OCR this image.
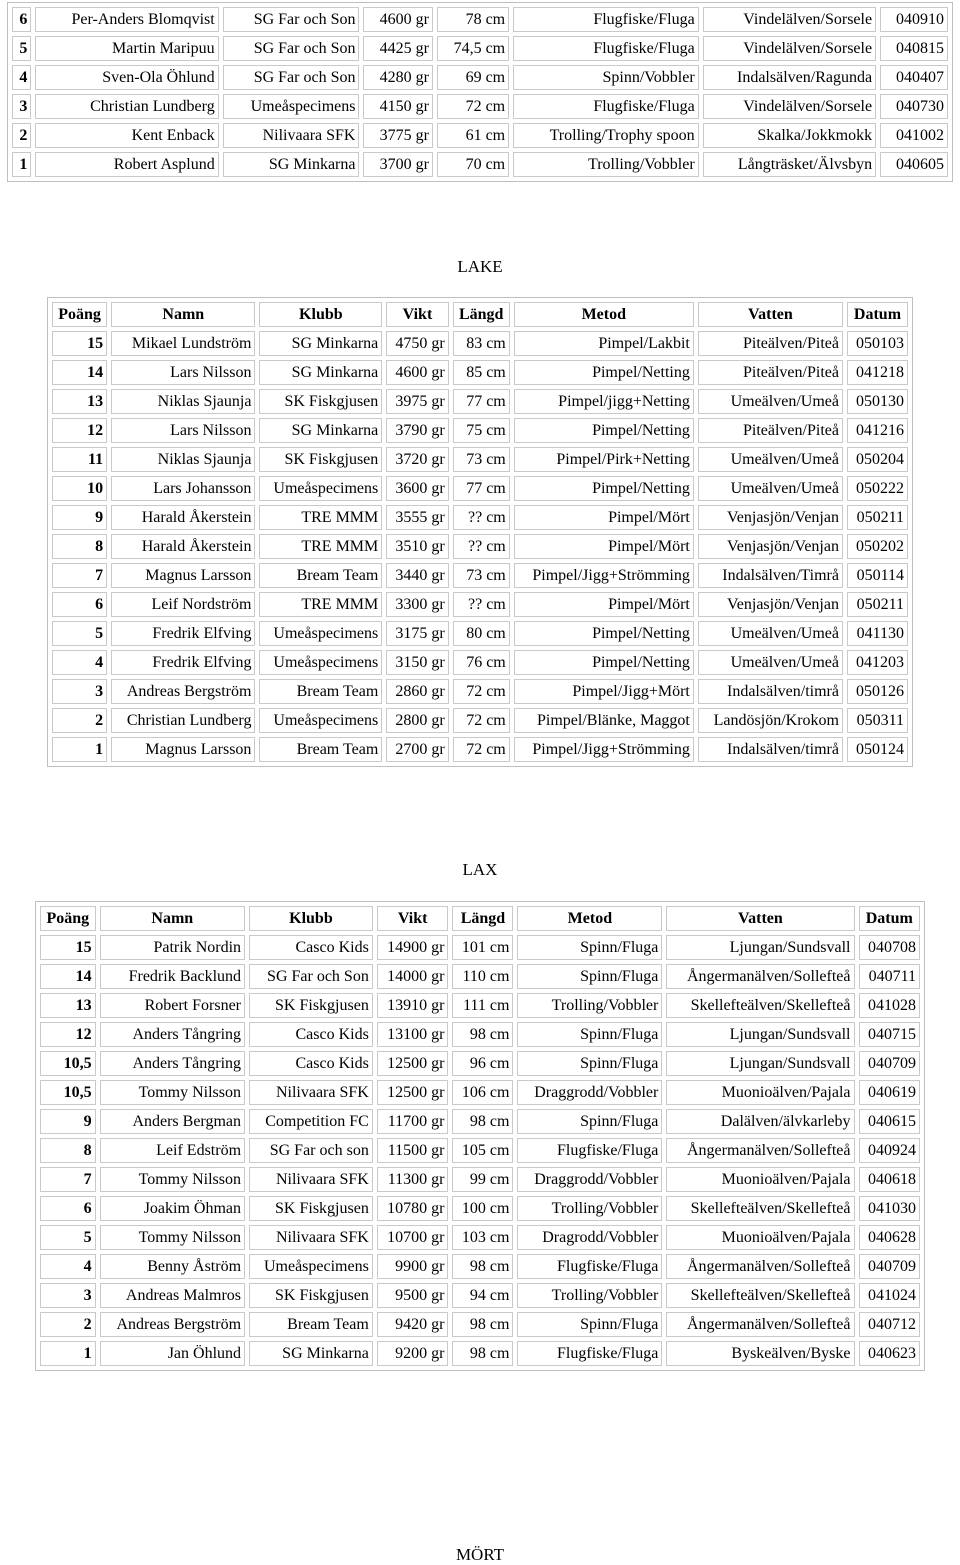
6	Per-Anders Blomqvist	SG Far och Son	4600 gr	78 cm	Flugfiske/Fluga	Vindelälven/Sorsele	040910
5	Martin Maripuu	SG Far och Son	4425 gr	74,5 cm	Flugfiske/Fluga	Vindelälven/Sorsele	040815
4	Sven-Ola Öhlund	SG Far och Son	4280 gr	69 cm	Spinn/Vobbler	Indalsälven/Ragunda	040407
3	Christian Lundberg	Umeåspecimens	4150 gr	72 cm	Flugfiske/Fluga	Vindelälven/Sorsele	040730
2	Kent Enback	Nilivaara SFK	3775 gr	61 cm	Trolling/Trophy spoon	Skalka/Jokkmokk	041002
1	Robert Asplund	SG Minkarna	3700 gr	70 cm	Trolling/Vobbler	Långträsket/Älvsbyn	040605
LAKE
Poäng	Namn	Klubb	Vikt	Längd	Metod	Vatten	Datum
15	Mikael Lundström	SG Minkarna	4750 gr	83 cm	Pimpel/Lakbit	Piteälven/Piteå	050103
14	Lars Nilsson	SG Minkarna	4600 gr	85 cm	Pimpel/Netting	Piteälven/Piteå	041218
13	Niklas Sjaunja	SK Fiskgjusen	3975 gr	77 cm	Pimpel/jigg+Netting	Umeälven/Umeå	050130
12	Lars Nilsson	SG Minkarna	3790 gr	75 cm	Pimpel/Netting	Piteälven/Piteå	041216
11	Niklas Sjaunja	SK Fiskgjusen	3720 gr	73 cm	Pimpel/Pirk+Netting	Umeälven/Umeå	050204
10	Lars Johansson	Umeåspecimens	3600 gr	77 cm	Pimpel/Netting	Umeälven/Umeå	050222
9	Harald Åkerstein	TRE MMM	3555 gr	?? cm	Pimpel/Mört	Venjasjön/Venjan	050211
8	Harald Åkerstein	TRE MMM	3510 gr	?? cm	Pimpel/Mört	Venjasjön/Venjan	050202
7	Magnus Larsson	Bream Team	3440 gr	73 cm	Pimpel/Jigg+Strömming	Indalsälven/Timrå	050114
6	Leif Nordström	TRE MMM	3300 gr	?? cm	Pimpel/Mört	Venjasjön/Venjan	050211
5	Fredrik Elfving	Umeåspecimens	3175 gr	80 cm	Pimpel/Netting	Umeälven/Umeå	041130
4	Fredrik Elfving	Umeåspecimens	3150 gr	76 cm	Pimpel/Netting	Umeälven/Umeå	041203
3	Andreas Bergström	Bream Team	2860 gr	72 cm	Pimpel/Jigg+Mört	Indalsälven/timrå	050126
2	Christian Lundberg	Umeåspecimens	2800 gr	72 cm	Pimpel/Blänke, Maggot	Landösjön/Krokom	050311
1	Magnus Larsson	Bream Team	2700 gr	72 cm	Pimpel/Jigg+Strömming	Indalsälven/timrå	050124
LAX
Poäng	Namn	Klubb	Vikt	Längd	Metod	Vatten	Datum
15	Patrik Nordin	Casco Kids	14900 gr	101 cm	Spinn/Fluga	Ljungan/Sundsvall	040708
14	Fredrik Backlund	SG Far och Son	14000 gr	110 cm	Spinn/Fluga	Ångermanälven/Sollefteå	040711
13	Robert Forsner	SK Fiskgjusen	13910 gr	111 cm	Trolling/Vobbler	Skellefteälven/Skellefteå	041028
12	Anders Tångring	Casco Kids	13100 gr	98 cm	Spinn/Fluga	Ljungan/Sundsvall	040715
10,5	Anders Tångring	Casco Kids	12500 gr	96 cm	Spinn/Fluga	Ljungan/Sundsvall	040709
10,5	Tommy Nilsson	Nilivaara SFK	12500 gr	106 cm	Draggrodd/Vobbler	Muonioälven/Pajala	040619
9	Anders Bergman	Competition FC	11700 gr	98 cm	Spinn/Fluga	Dalälven/älvkarleby	040615
8	Leif Edström	SG Far och son	11500 gr	105 cm	Flugfiske/Fluga	Ångermanälven/Sollefteå	040924
7	Tommy Nilsson	Nilivaara SFK	11300 gr	99 cm	Draggrodd/Vobbler	Muonioälven/Pajala	040618
6	Joakim Öhman	SK Fiskgjusen	10780 gr	100 cm	Trolling/Vobbler	Skellefteälven/Skellefteå	041030
5	Tommy Nilsson	Nilivaara SFK	10700 gr	103 cm	Dragrodd/Vobbler	Muonioälven/Pajala	040628
4	Benny Åström	Umeåspecimens	9900 gr	98 cm	Flugfiske/Fluga	Ångermanälven/Sollefteå	040709
3	Andreas Malmros	SK Fiskgjusen	9500 gr	94 cm	Trolling/Vobbler	Skellefteälven/Skellefteå	041024
2	Andreas Bergström	Bream Team	9420 gr	98 cm	Spinn/Fluga	Ångermanälven/Sollefteå	040712
1	Jan Öhlund	SG Minkarna	9200 gr	98 cm	Flugfiske/Fluga	Byskeälven/Byske	040623
MÖRT
